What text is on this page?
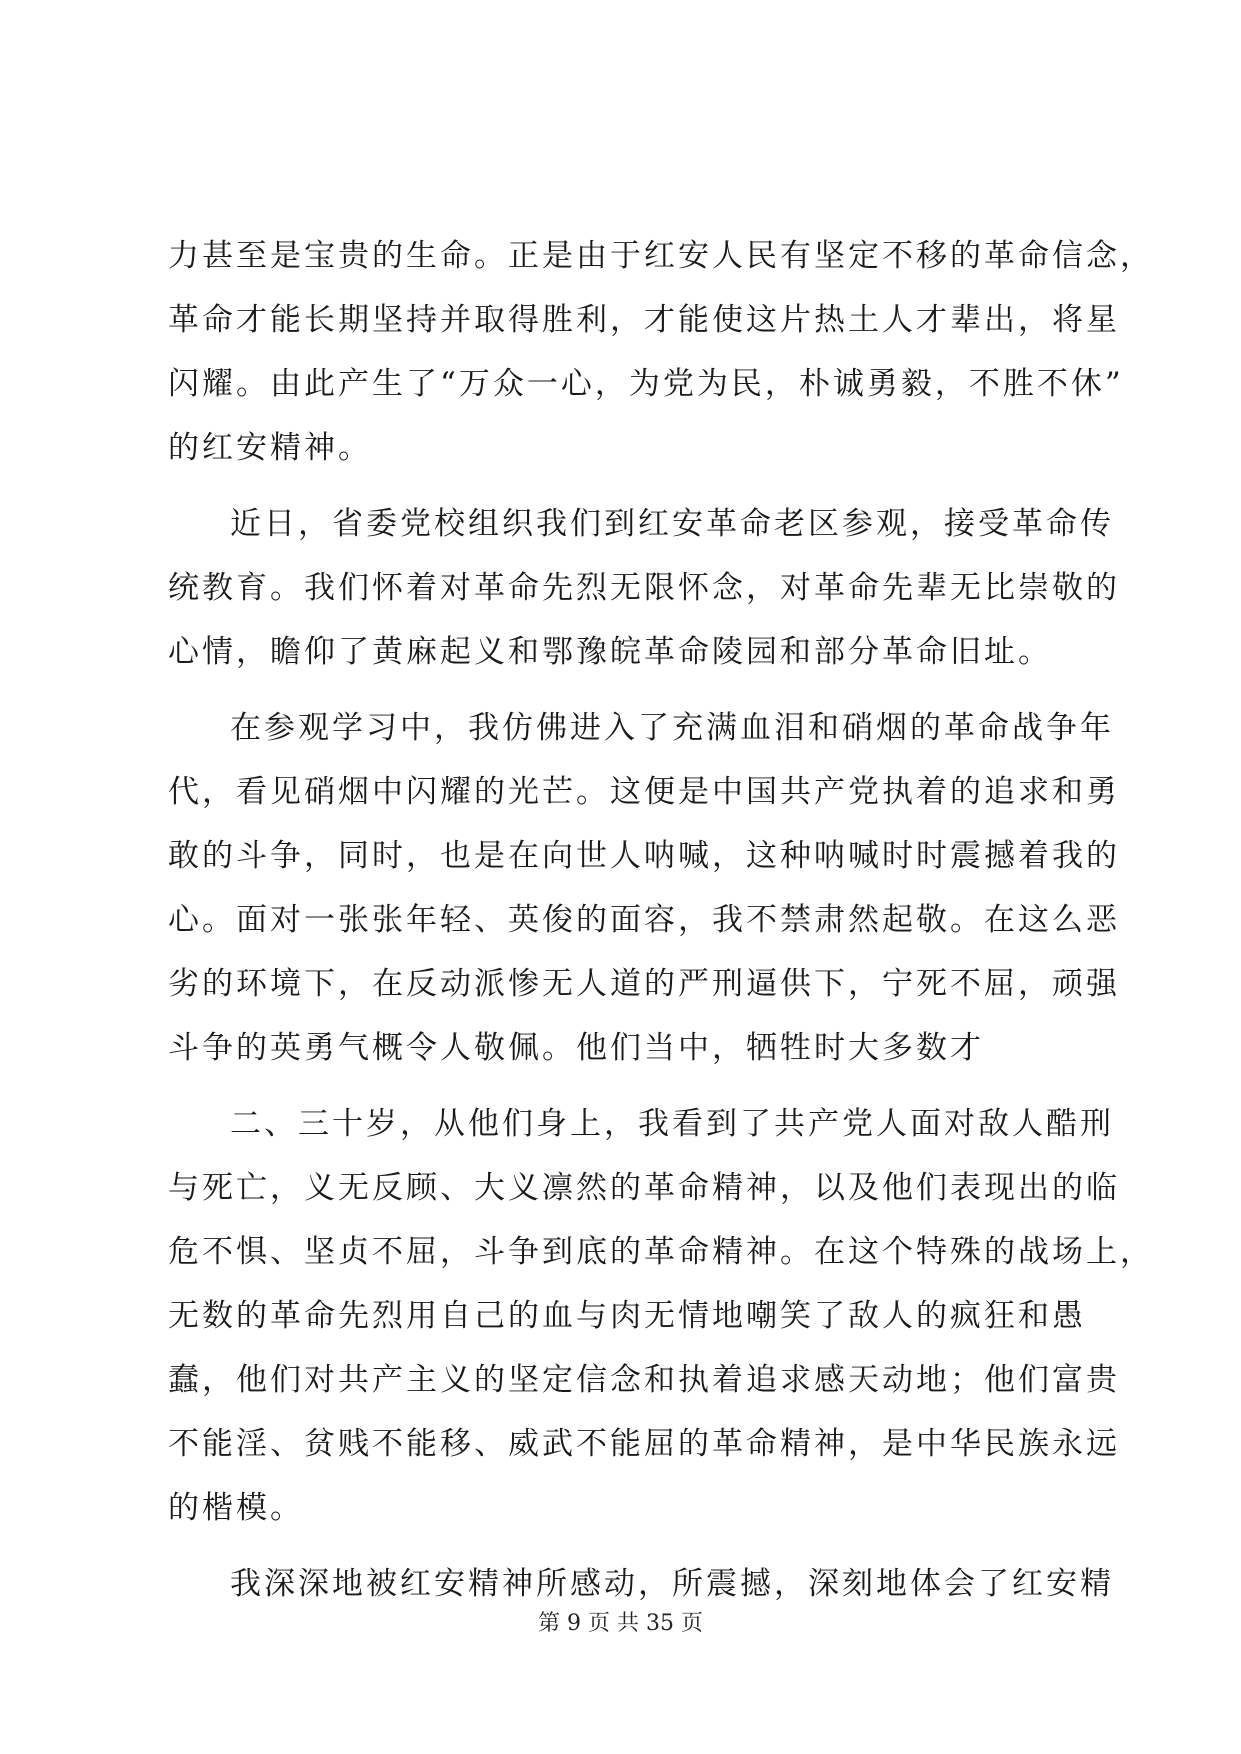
力甚至是宝贵的生命。正是由于红安人民有坚定不移的革命信念，
革命才能长期坚持并取得胜利，才能使这片热土人才辈出，将星
闪耀。由此产生了“万众一心，为党为民，朴诚勇毅，不胜不休”
的红安精神。
近日，省委党校组织我们到红安革命老区参观，接受革命传
统教育。我们怀着对革命先烈无限怀念，对革命先辈无比崇敬的
心情，瞻仰了黄麻起义和鄂豫皖革命陵园和部分革命旧址。
在参观学习中，我仿佛进入了充满血泪和硝烟的革命战争年
代，看见硝烟中闪耀的光芒。这便是中国共产党执着的追求和勇
敢的斗争，同时，也是在向世人呐喊，这种呐喊时时震撼着我的
心。面对一张张年轻、英俊的面容，我不禁肃然起敬。在这么恶
劣的环境下，在反动派惨无人道的严刑逼供下，宁死不屈，顽强
斗争的英勇气概令人敬佩。他们当中，牺牲时大多数才
二、三十岁，从他们身上，我看到了共产党人面对敌人酷刑
与死亡，义无反顾、大义凛然的革命精神，以及他们表现出的临
危不惧、坚贞不屈，斗争到底的革命精神。在这个特殊的战场上，
无数的革命先烈用自己的血与肉无情地嘲笑了敌人的疯狂和愚
蠢，他们对共产主义的坚定信念和执着追求感天动地；他们富贵
不能淫、贫贱不能移、威武不能屈的革命精神，是中华民族永远
的楷模。
我深深地被红安精神所感动，所震撼，深刻地体会了红安精
第 9 页 共 35 页
